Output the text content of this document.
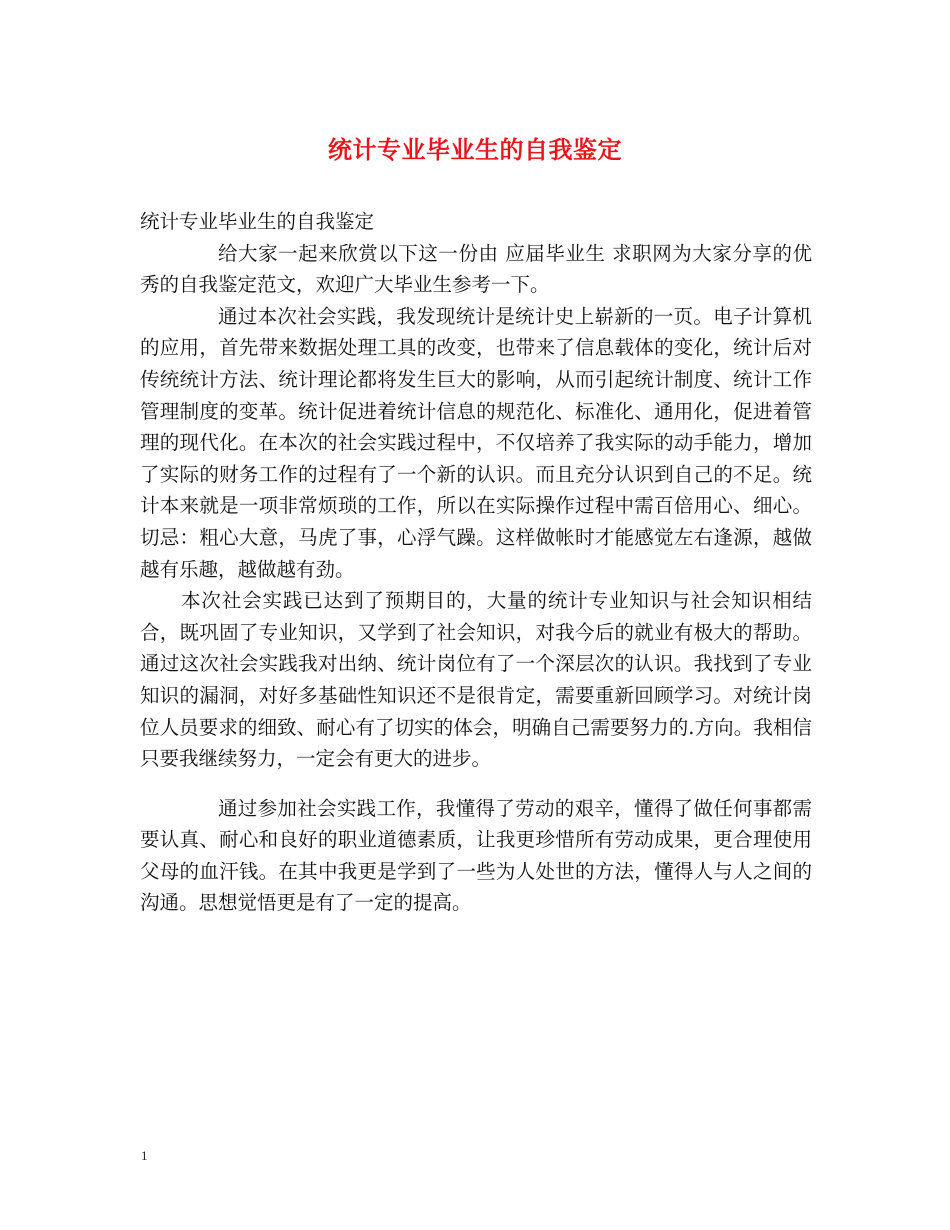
统计专业毕业生的自我鉴定

统计专业毕业生的自我鉴定

给大家一起来欣赏以下这一份由 应届毕业生 求职网为大家分享的优秀的自我鉴定范文，欢迎广大毕业生参考一下。

通过本次社会实践，我发现统计是统计史上崭新的一页。电子计算机的应用，首先带来数据处理工具的改变，也带来了信息载体的变化，统计后对传统统计方法、统计理论都将发生巨大的影响，从而引起统计制度、统计工作管理制度的变革。统计促进着统计信息的规范化、标准化、通用化，促进着管理的现代化。在本次的社会实践过程中，不仅培养了我实际的动手能力，增加了实际的财务工作的过程有了一个新的认识。而且充分认识到自己的不足。统计本来就是一项非常烦琐的工作，所以在实际操作过程中需百倍用心、细心。切忌：粗心大意，马虎了事，心浮气躁。这样做帐时才能感觉左右逢源，越做越有乐趣，越做越有劲。

本次社会实践已达到了预期目的，大量的统计专业知识与社会知识相结合，既巩固了专业知识，又学到了社会知识，对我今后的就业有极大的帮助。通过这次社会实践我对出纳、统计岗位有了一个深层次的认识。我找到了专业知识的漏洞，对好多基础性知识还不是很肯定，需要重新回顾学习。对统计岗位人员要求的细致、耐心有了切实的体会，明确自己需要努力的.方向。我相信只要我继续努力，一定会有更大的进步。

通过参加社会实践工作，我懂得了劳动的艰辛，懂得了做任何事都需要认真、耐心和良好的职业道德素质，让我更珍惜所有劳动成果，更合理使用父母的血汗钱。在其中我更是学到了一些为人处世的方法，懂得人与人之间的沟通。思想觉悟更是有了一定的提高。

1
